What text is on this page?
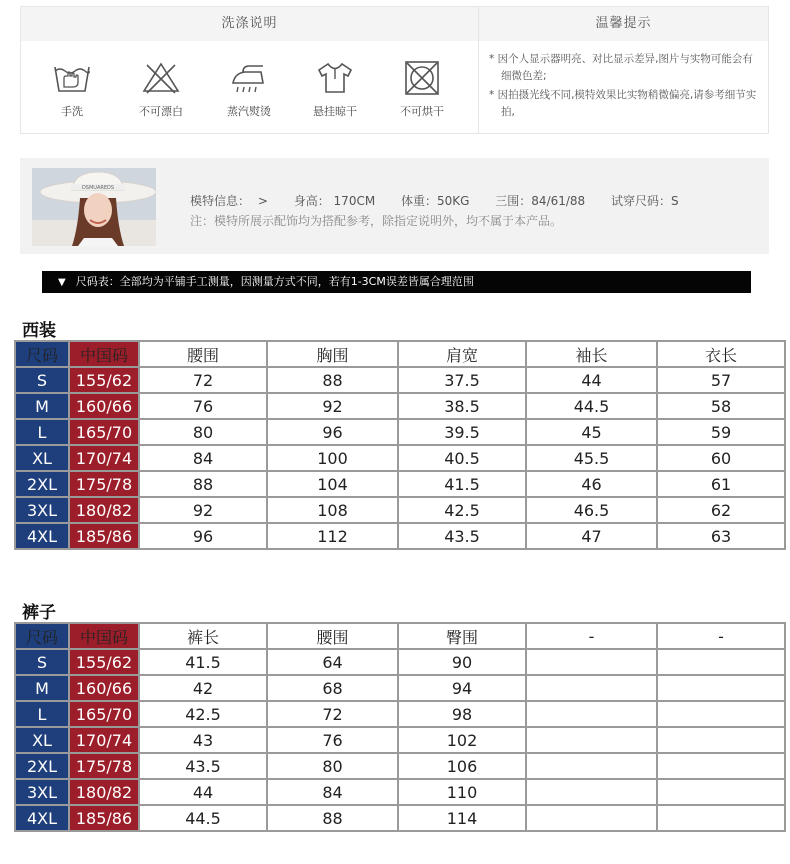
洗涤说明	温馨提示
手洗	不可漂白	蒸汽熨烫	悬挂晾干	不可烘干

* 因个人显示器明亮、对比显示差异,图片与实物可能会有细微色差;

* 因拍摄光线不同,模特效果比实物稍微偏亮,请参考细节实拍,

DSMUAREDS
模特信息： > 身高： 170CM 体重：50KG 三围：84/61/88 试穿尺码：S
注：模特所展示配饰均为搭配参考，除指定说明外，均不属于本产品。
▼ 尺码表：全部均为平铺手工测量，因测量方式不同，若有1-3CM误差皆属合理范围
西装
尺码	中国码	腰围	胸围	肩宽	袖长	衣长
S	155/62	72	88	37.5	44	57
M	160/66	76	92	38.5	44.5	58
L	165/70	80	96	39.5	45	59
XL	170/74	84	100	40.5	45.5	60
2XL	175/78	88	104	41.5	46	61
3XL	180/82	92	108	42.5	46.5	62
4XL	185/86	96	112	43.5	47	63
裤子
尺码	中国码	裤长	腰围	臀围	-	-
S	155/62	41.5	64	90		
M	160/66	42	68	94		
L	165/70	42.5	72	98		
XL	170/74	43	76	102		
2XL	175/78	43.5	80	106		
3XL	180/82	44	84	110		
4XL	185/86	44.5	88	114		
